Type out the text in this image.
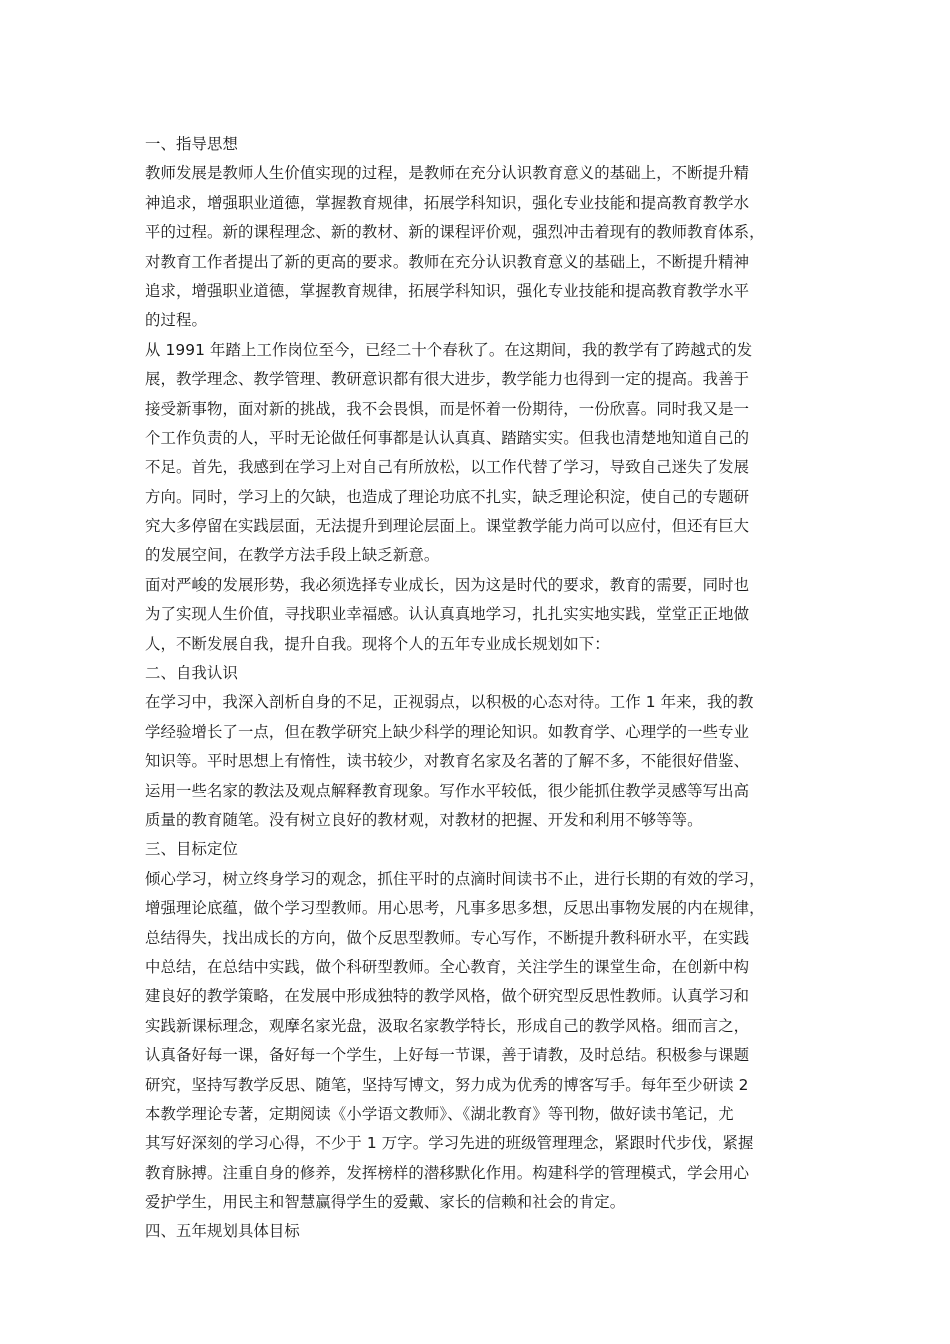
一、指导思想
教师发展是教师人生价值实现的过程，是教师在充分认识教育意义的基础上，不断提升精
神追求，增强职业道德，掌握教育规律，拓展学科知识，强化专业技能和提高教育教学水
平的过程。新的课程理念、新的教材、新的课程评价观，强烈冲击着现有的教师教育体系，
对教育工作者提出了新的更高的要求。教师在充分认识教育意义的基础上，不断提升精神
追求，增强职业道德，掌握教育规律，拓展学科知识，强化专业技能和提高教育教学水平
的过程。
从 1991 年踏上工作岗位至今，已经二十个春秋了。在这期间，我的教学有了跨越式的发
展，教学理念、教学管理、教研意识都有很大进步，教学能力也得到一定的提高。我善于
接受新事物，面对新的挑战，我不会畏惧，而是怀着一份期待，一份欣喜。同时我又是一
个工作负责的人，平时无论做任何事都是认认真真、踏踏实实。但我也清楚地知道自己的
不足。首先，我感到在学习上对自己有所放松，以工作代替了学习，导致自己迷失了发展
方向。同时，学习上的欠缺，也造成了理论功底不扎实，缺乏理论积淀，使自己的专题研
究大多停留在实践层面，无法提升到理论层面上。课堂教学能力尚可以应付，但还有巨大
的发展空间，在教学方法手段上缺乏新意。
面对严峻的发展形势，我必须选择专业成长，因为这是时代的要求，教育的需要，同时也
为了实现人生价值，寻找职业幸福感。认认真真地学习，扎扎实实地实践，堂堂正正地做
人，不断发展自我，提升自我。现将个人的五年专业成长规划如下：
二、自我认识
在学习中，我深入剖析自身的不足，正视弱点，以积极的心态对待。工作 1 年来，我的教
学经验增长了一点，但在教学研究上缺少科学的理论知识。如教育学、心理学的一些专业
知识等。平时思想上有惰性，读书较少，对教育名家及名著的了解不多，不能很好借鉴、
运用一些名家的教法及观点解释教育现象。写作水平较低，很少能抓住教学灵感等写出高
质量的教育随笔。没有树立良好的教材观，对教材的把握、开发和利用不够等等。
三、目标定位
倾心学习，树立终身学习的观念，抓住平时的点滴时间读书不止，进行长期的有效的学习，
增强理论底蕴，做个学习型教师。用心思考，凡事多思多想，反思出事物发展的内在规律，
总结得失，找出成长的方向，做个反思型教师。专心写作，不断提升教科研水平，在实践
中总结，在总结中实践，做个科研型教师。全心教育，关注学生的课堂生命，在创新中构
建良好的教学策略，在发展中形成独特的教学风格，做个研究型反思性教师。认真学习和
实践新课标理念，观摩名家光盘，汲取名家教学特长，形成自己的教学风格。细而言之，
认真备好每一课，备好每一个学生，上好每一节课，善于请教，及时总结。积极参与课题
研究，坚持写教学反思、随笔，坚持写博文，努力成为优秀的博客写手。每年至少研读 2
本教学理论专著，定期阅读《小学语文教师》、《湖北教育》等刊物，做好读书笔记，尤
其写好深刻的学习心得，不少于 1 万字。学习先进的班级管理理念，紧跟时代步伐，紧握
教育脉搏。注重自身的修养，发挥榜样的潜移默化作用。构建科学的管理模式，学会用心
爱护学生，用民主和智慧赢得学生的爱戴、家长的信赖和社会的肯定。
四、五年规划具体目标
